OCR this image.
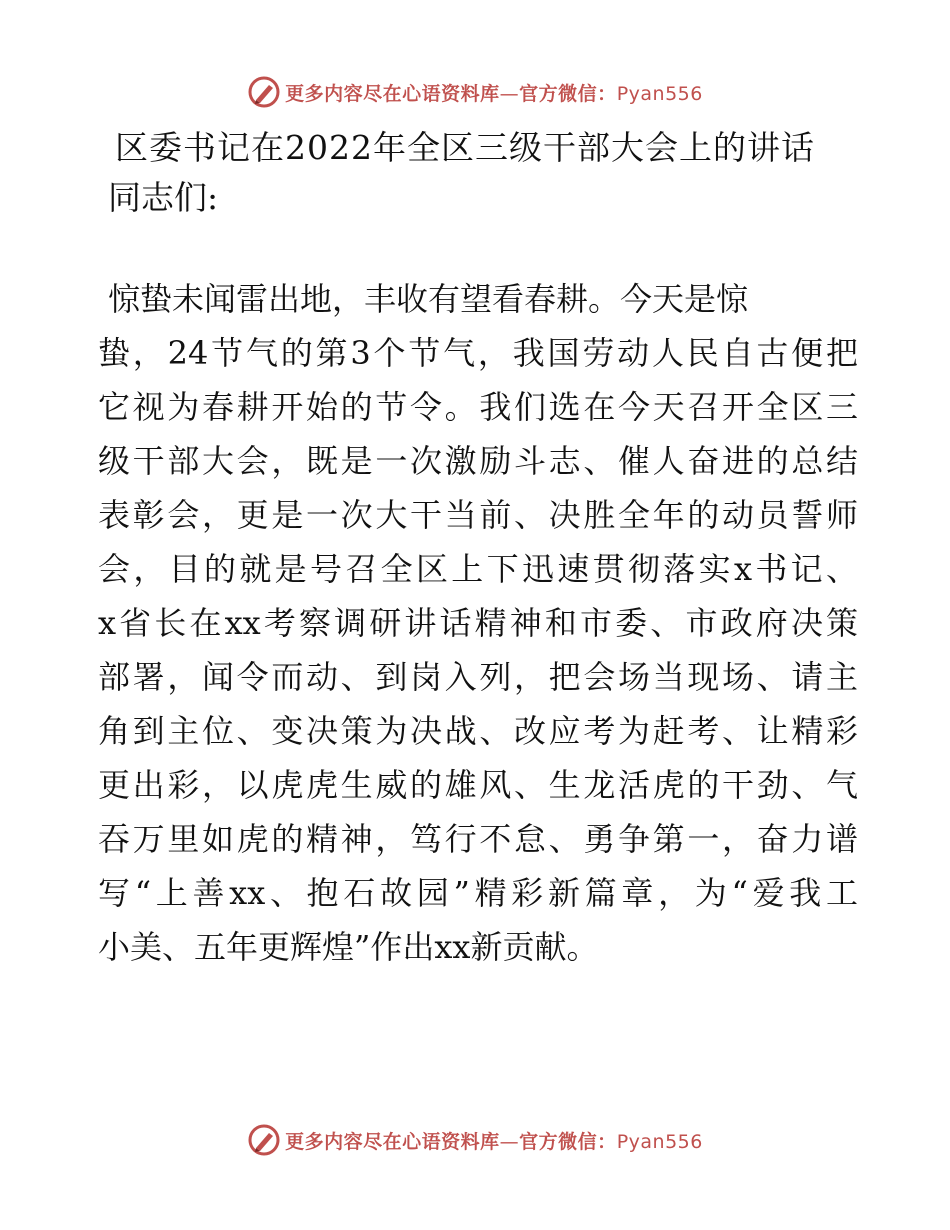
更多内容尽在心语资料库—官方微信：Pyan556
区委书记在2022年全区三级干部大会上的讲话
同志们:
惊蛰未闻雷出地，丰收有望看春耕。今天是惊
蛰，24节气的第3个节气，我国劳动人民自古便把
它视为春耕开始的节令。我们选在今天召开全区三
级干部大会，既是一次激励斗志、催人奋进的总结
表彰会，更是一次大干当前、决胜全年的动员誓师
会，目的就是号召全区上下迅速贯彻落实x书记、
x省长在xx考察调研讲话精神和市委、市政府决策
部署，闻令而动、到岗入列，把会场当现场、请主
角到主位、变决策为决战、改应考为赶考、让精彩
更出彩，以虎虎生威的雄风、生龙活虎的干劲、气
吞万里如虎的精神，笃行不怠、勇争第一，奋力谱
写“上善xx、抱石故园”精彩新篇章，为“爱我工
小美、五年更辉煌”作出xx新贡献。
更多内容尽在心语资料库—官方微信：Pyan556
